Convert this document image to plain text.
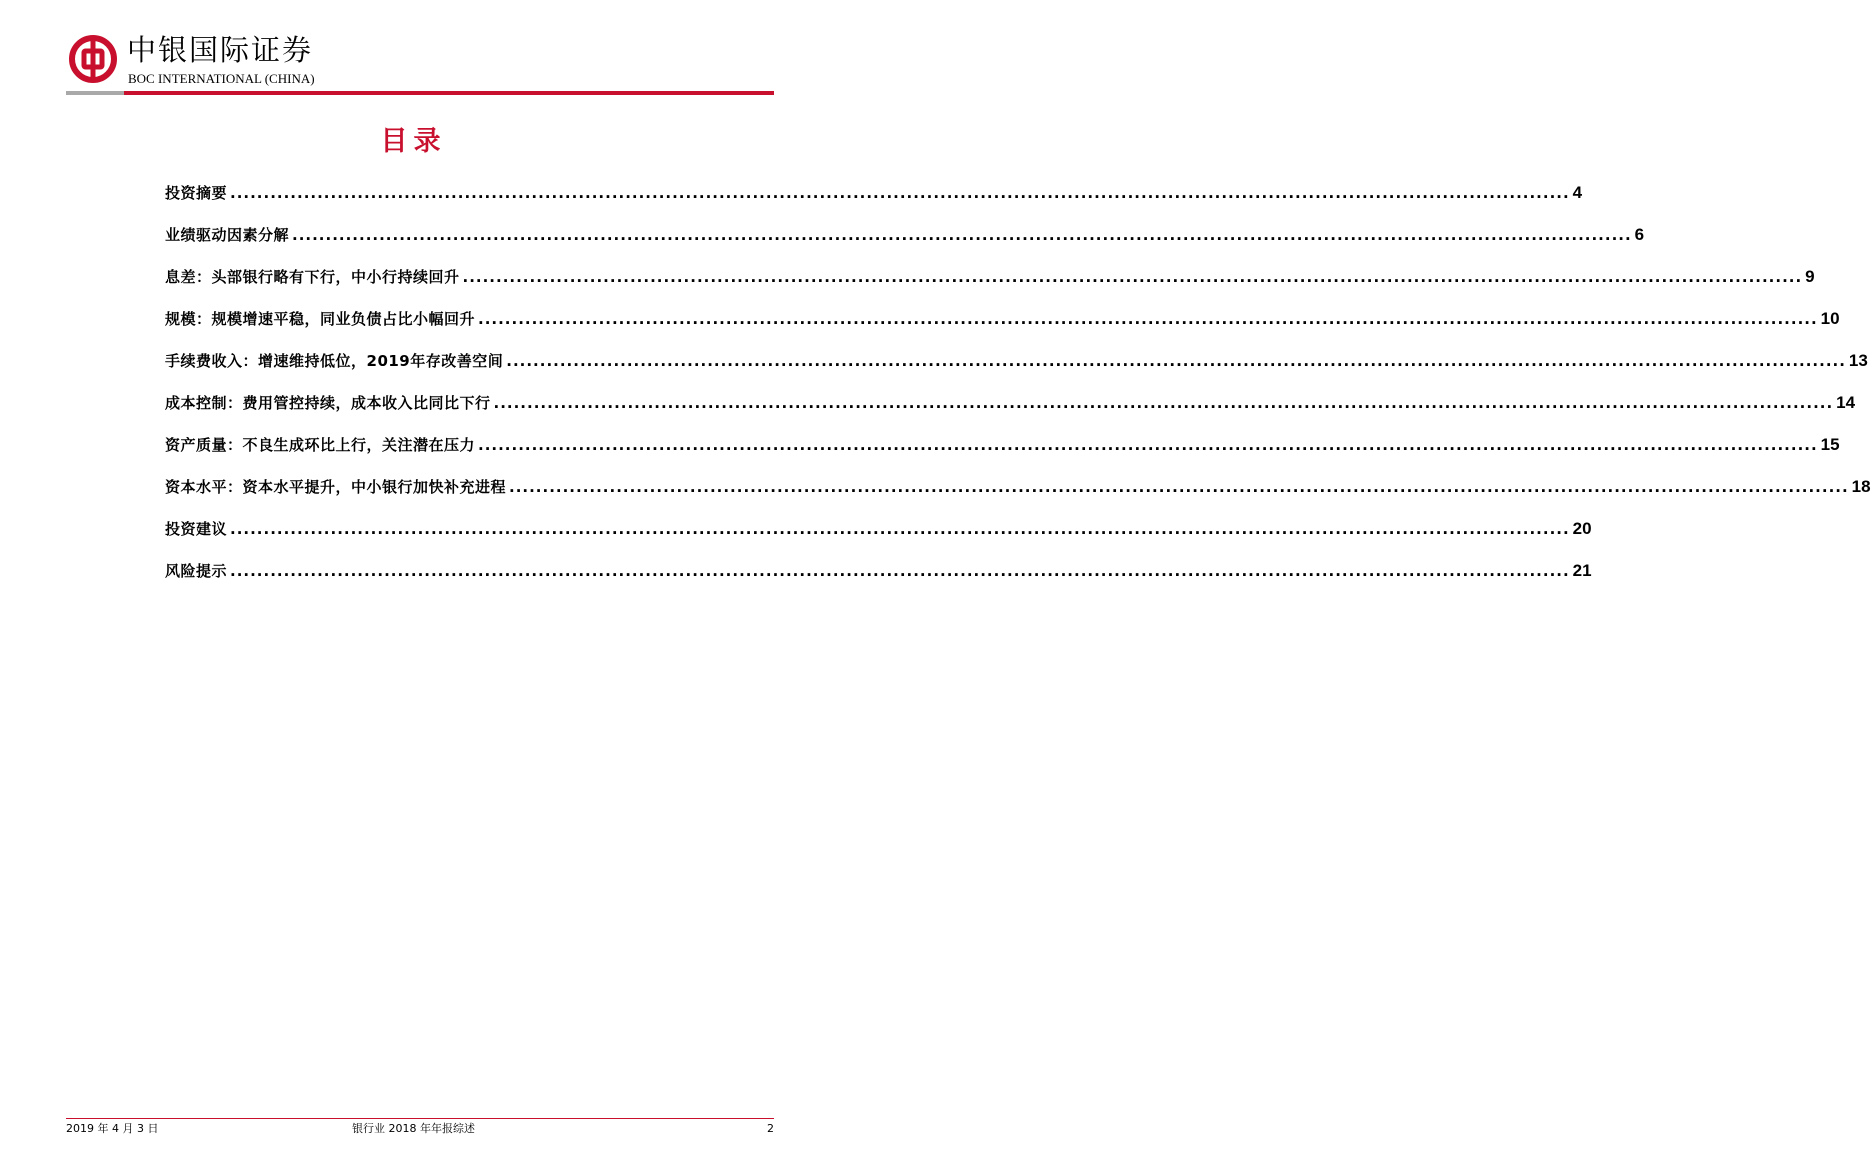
中银国际证券
BOC INTERNATIONAL (CHINA)
目录
投资摘要 ........................................................................................................................................................................................................ 4
业绩驱动因素分解 ........................................................................................................................................................................................................ 6
息差：头部银行略有下行，中小行持续回升 ........................................................................................................................................................................................................ 9
规模：规模增速平稳，同业负债占比小幅回升 ........................................................................................................................................................................................................ 10
手续费收入：增速维持低位，2019年存改善空间 ........................................................................................................................................................................................................ 13
成本控制：费用管控持续，成本收入比同比下行 ........................................................................................................................................................................................................ 14
资产质量：不良生成环比上行，关注潜在压力 ........................................................................................................................................................................................................ 15
资本水平：资本水平提升，中小银行加快补充进程 ........................................................................................................................................................................................................ 18
投资建议 ........................................................................................................................................................................................................ 20
风险提示 ........................................................................................................................................................................................................ 21
2019 年 4 月 3 日	银行业 2018 年年报综述	2
